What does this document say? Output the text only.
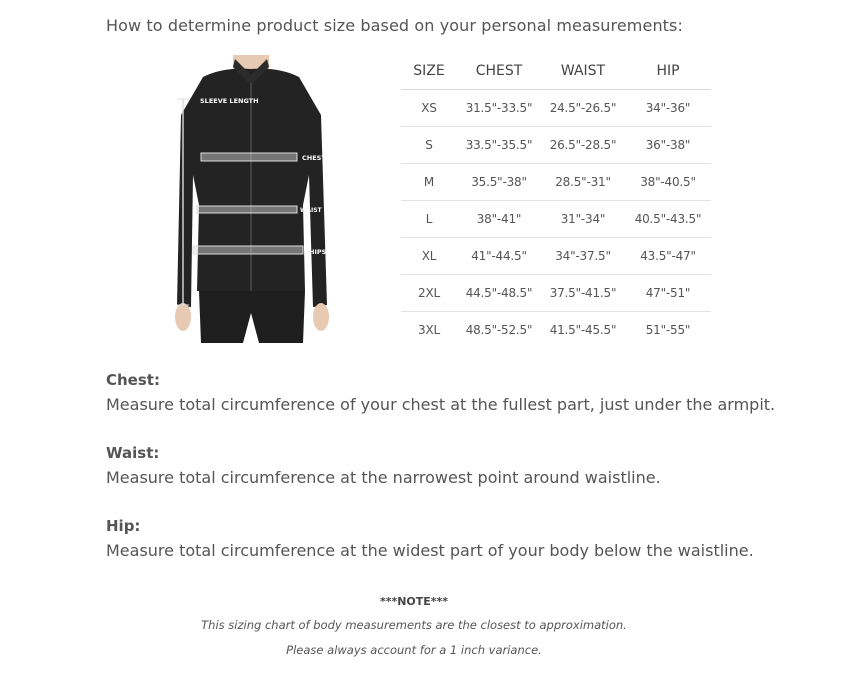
How to determine product size based on your personal measurements:
SLEEVE LENGTH
CHEST
WAIST
HIPS
SIZE	CHEST	WAIST	HIP
XS	31.5"-33.5"	24.5"-26.5"	34"-36"
S	33.5"-35.5"	26.5"-28.5"	36"-38"
M	35.5"-38"	28.5"-31"	38"-40.5"
L	38"-41"	31"-34"	40.5"-43.5"
XL	41"-44.5"	34"-37.5"	43.5"-47"
2XL	44.5"-48.5"	37.5"-41.5"	47"-51"
3XL	48.5"-52.5"	41.5"-45.5"	51"-55"
Chest:
Measure total circumference of your chest at the fullest part, just under the armpit.
Waist:
Measure total circumference at the narrowest point around waistline.
Hip:
Measure total circumference at the widest part of your body below the waistline.
***NOTE***
This sizing chart of body measurements are the closest to approximation.
Please always account for a 1 inch variance.
